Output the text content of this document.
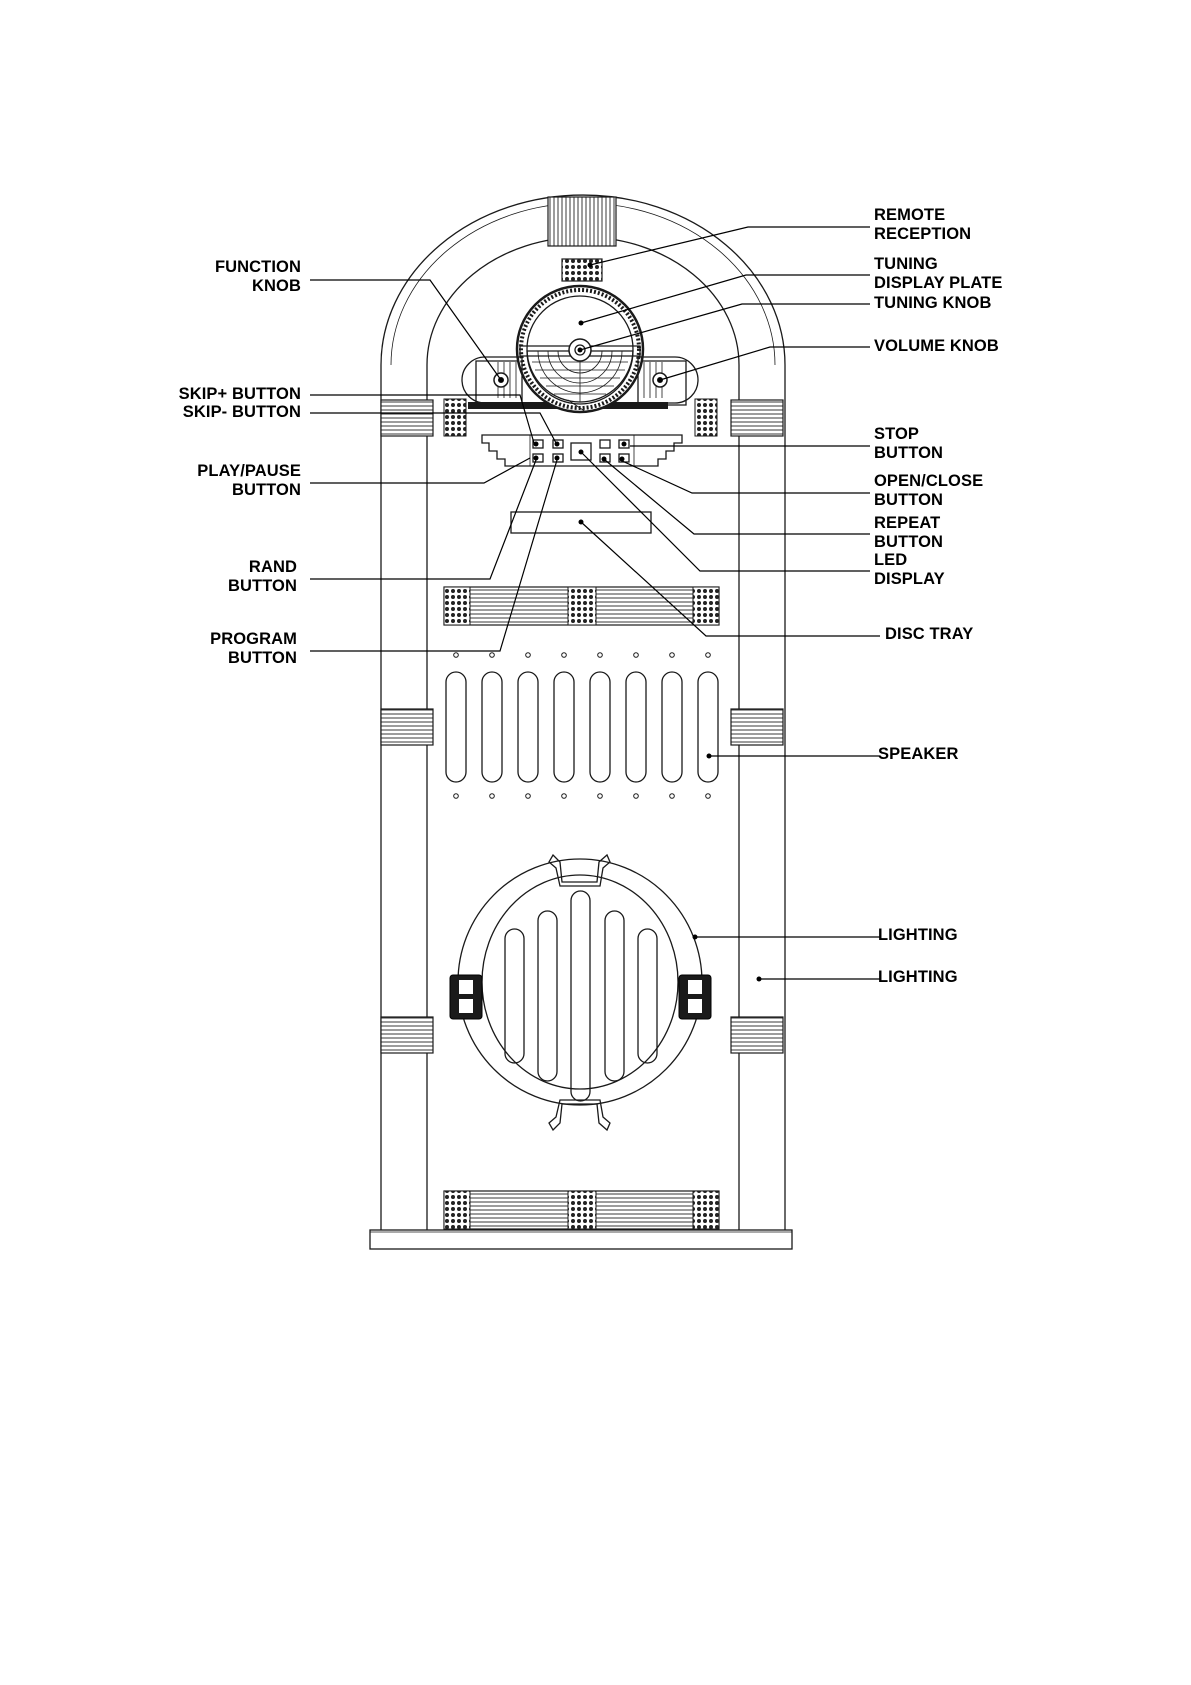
REMOTE
RECEPTION
TUNING
DISPLAY PLATE
TUNING KNOB
VOLUME KNOB
FUNCTION
KNOB
SKIP+ BUTTON
SKIP- BUTTON
PLAY/PAUSE
BUTTON
STOP
BUTTON
OPEN/CLOSE
BUTTON
REPEAT
BUTTON
LED
DISPLAY
RAND
BUTTON
PROGRAM
BUTTON
DISC TRAY
SPEAKER
LIGHTING
LIGHTING
